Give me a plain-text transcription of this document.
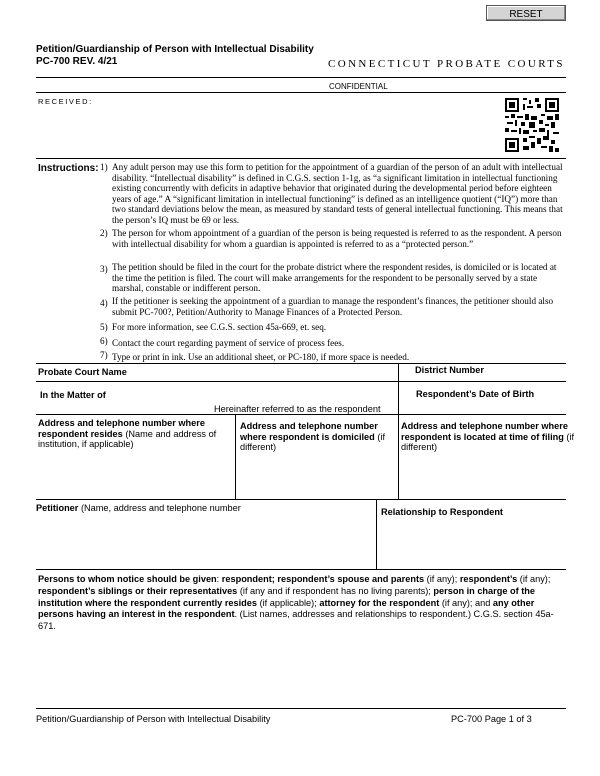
RESET
Petition/Guardianship of Person with Intellectual Disability
PC-700 REV. 4/21	CONNECTICUT PROBATE COURTS
CONFIDENTIAL
RECEIVED:
Instructions: 1) Any adult person may use this form to petition for the appointment of a guardian of the person of an adult with intellectual disability. “Intellectual disability” is defined in C.G.S. section 1-1g, as “a significant limitation in intellectual functioning existing concurrently with deficits in adaptive behavior that originated during the developmental period before eighteen years of age.” A “significant limitation in intellectual functioning” is defined as an intelligence quotient (“IQ”) more than two standard deviations below the mean, as measured by standard tests of general intellectual functioning. This means that the person’s IQ must be 69 or less.
2) The person for whom appointment of a guardian of the person is being requested is referred to as the respondent. A person with intellectual disability for whom a guardian is appointed is referred to as a “protected person.”
3) The petition should be filed in the court for the probate district where the respondent resides, is domiciled or is located at the time the petition is filed. The court will make arrangements for the respondent to be personally served by a state marshal, constable or indifferent person.
4) If the petitioner is seeking the appointment of a guardian to manage the respondent’s finances, the petitioner should also submit PC-700?, Petition/Authority to Manage Finances of a Protected Person.
5) For more information, see C.G.S. section 45a-669, et. seq.
6) Contact the court regarding payment of service of process fees.
7) Type or print in ink. Use an additional sheet, or PC-180, if more space is needed.
Probate Court Name	District Number
In the Matter of
Hereinafter referred to as the respondent
Respondent’s Date of Birth
Address and telephone number where respondent resides (Name and address of institution, if applicable)
Address and telephone number where respondent is domiciled (if different)
Address and telephone number where respondent is located at time of filing (if different)
Petitioner (Name, address and telephone number	Relationship to Respondent
Persons to whom notice should be given: respondent; respondent’s spouse and parents (if any); respondent’s (if any); respondent’s siblings or their representatives (if any and if respondent has no living parents); person in charge of the institution where the respondent currently resides (if applicable); attorney for the respondent (if any); and any other persons having an interest in the respondent. (List names, addresses and relationships to respondent.) C.G.S. section 45a-671.
Petition/Guardianship of Person with Intellectual Disability	PC-700 Page 1 of 3
